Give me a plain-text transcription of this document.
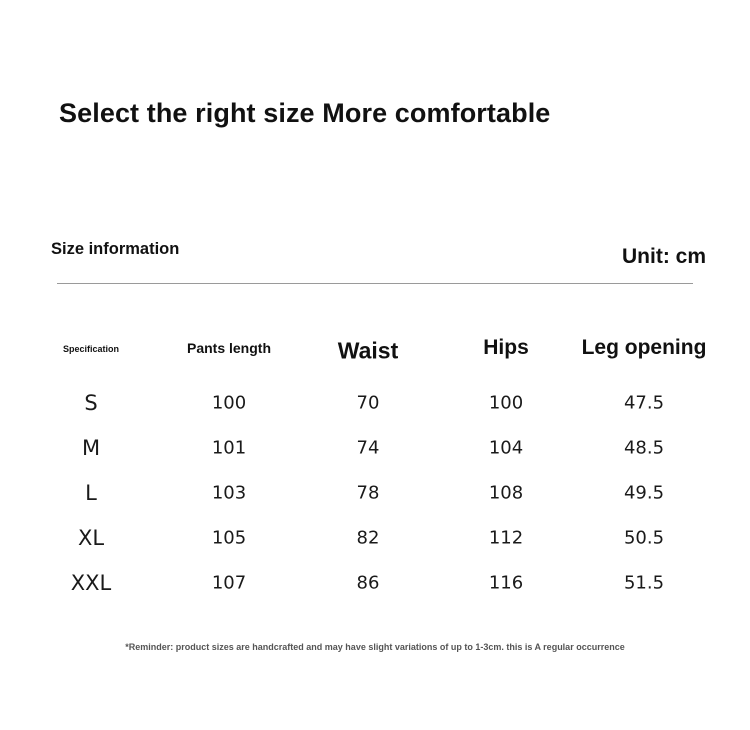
Select the right size More comfortable
Size information	Unit: cm
Specification	Pants length	Waist	Hips	Leg opening
S	100	70	100	47.5
M	101	74	104	48.5
L	103	78	108	49.5
XL	105	82	112	50.5
XXL	107	86	116	51.5
*Reminder: product sizes are handcrafted and may have slight variations of up to 1-3cm. this is A regular occurrence
